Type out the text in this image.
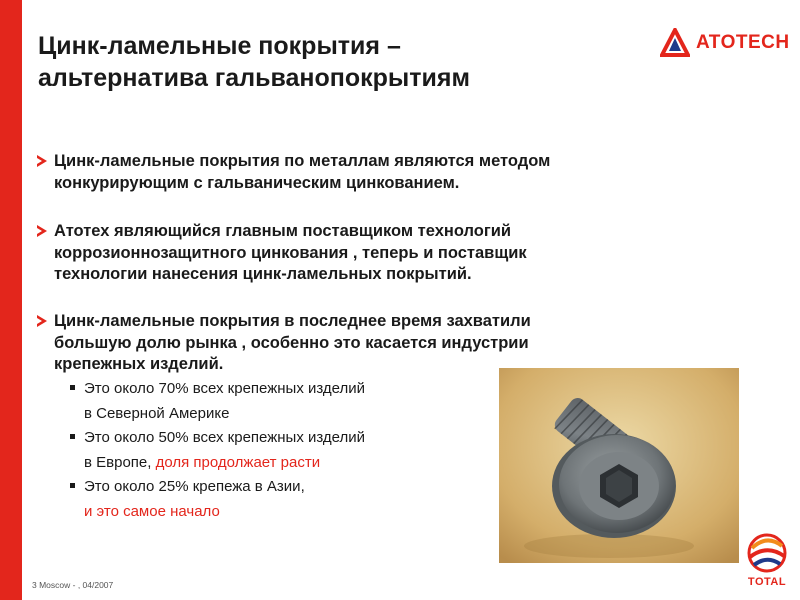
Цинк-ламельные покрытия –
альтернатива гальванопокрытиям
ATOTECH

Цинк-ламельные покрытия по металлам являются методом
конкурирующим с гальваническим цинкованием.

Атотех являющийся главным поставщиком технологий
коррозионнозащитного цинкования , теперь и поставщик
технологии нанесения цинк-ламельных покрытий.

Цинк-ламельные покрытия в последнее время захватили
большую долю рынка , особенно это касается индустрии
крепежных изделий.

Это около 70% всех крепежных изделий
в Северной Америке
Это около 50% всех крепежных изделий
в Европе, доля продолжает расти
Это около 25% крепежа в Азии,
и это самое начало
3 Moscow - , 04/2007	TOTAL
